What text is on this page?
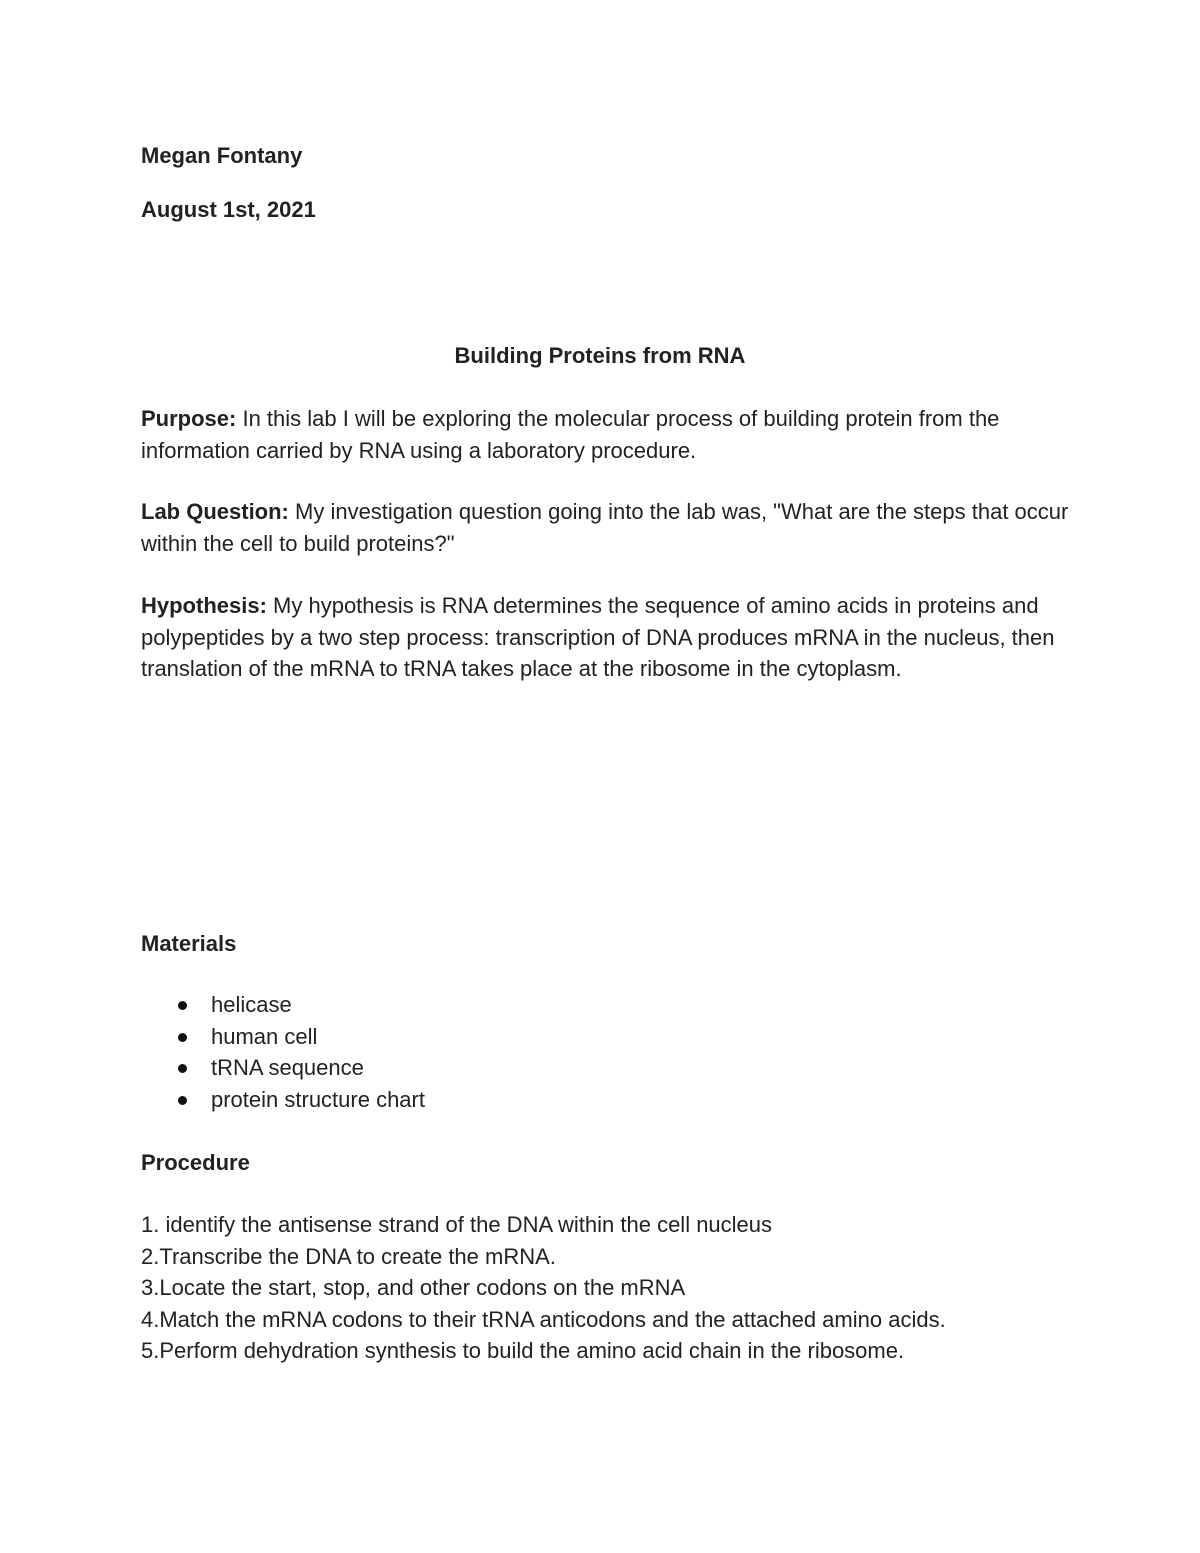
Megan Fontany

August 1st, 2021

Building Proteins from RNA

Purpose: In this lab I will be exploring the molecular process of building protein from the information carried by RNA using a laboratory procedure.

Lab Question: My investigation question going into the lab was, "What are the steps that occur within the cell to build proteins?"

Hypothesis: My hypothesis is RNA determines the sequence of amino acids in proteins and polypeptides by a two step process: transcription of DNA produces mRNA in the nucleus, then translation of the mRNA to tRNA takes place at the ribosome in the cytoplasm.

Materials

helicase
human cell
tRNA sequence
protein structure chart

Procedure

1. identify the antisense strand of the DNA within the cell nucleus
2.Transcribe the DNA to create the mRNA.
3.Locate the start, stop, and other codons on the mRNA
4.Match the mRNA codons to their tRNA anticodons and the attached amino acids.
5.Perform dehydration synthesis to build the amino acid chain in the ribosome.
